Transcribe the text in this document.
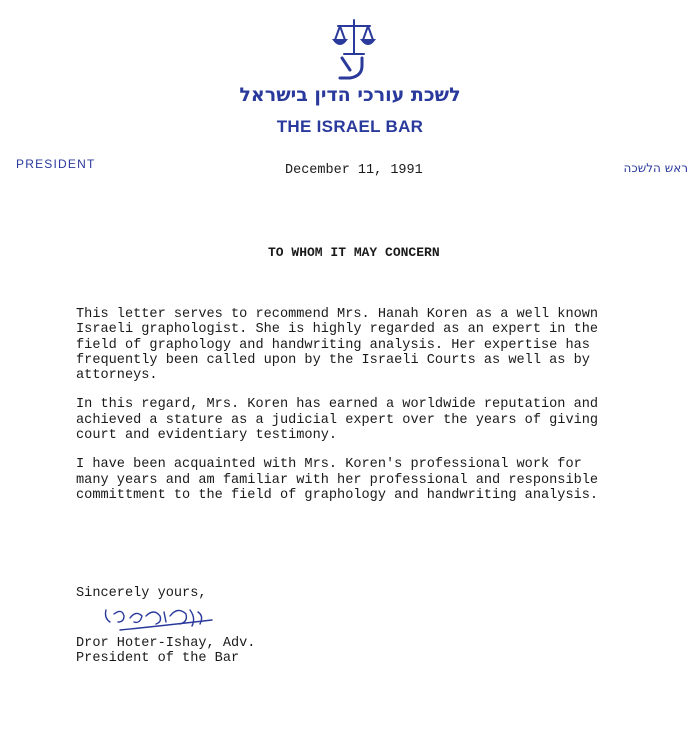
לשכת עורכי הדין בישראל
THE ISRAEL BAR
PRESIDENT	ראש הלשכה
December 11, 1991
TO WHOM IT MAY CONCERN

This letter serves to recommend Mrs. Hanah Koren as a well known
Israeli graphologist. She is highly regarded as an expert in the
field of graphology and handwriting analysis. Her expertise has
frequently been called upon by the Israeli Courts as well as by
attorneys.

In this regard, Mrs. Koren has earned a worldwide reputation and
achieved a stature as a judicial expert over the years of giving
court and evidentiary testimony.

I have been acquainted with Mrs. Koren's professional work for
many years and am familiar with her professional and responsible
committment to the field of graphology and handwriting analysis.

Sincerely yours,
Dror Hoter-Ishay, Adv.
President of the Bar
